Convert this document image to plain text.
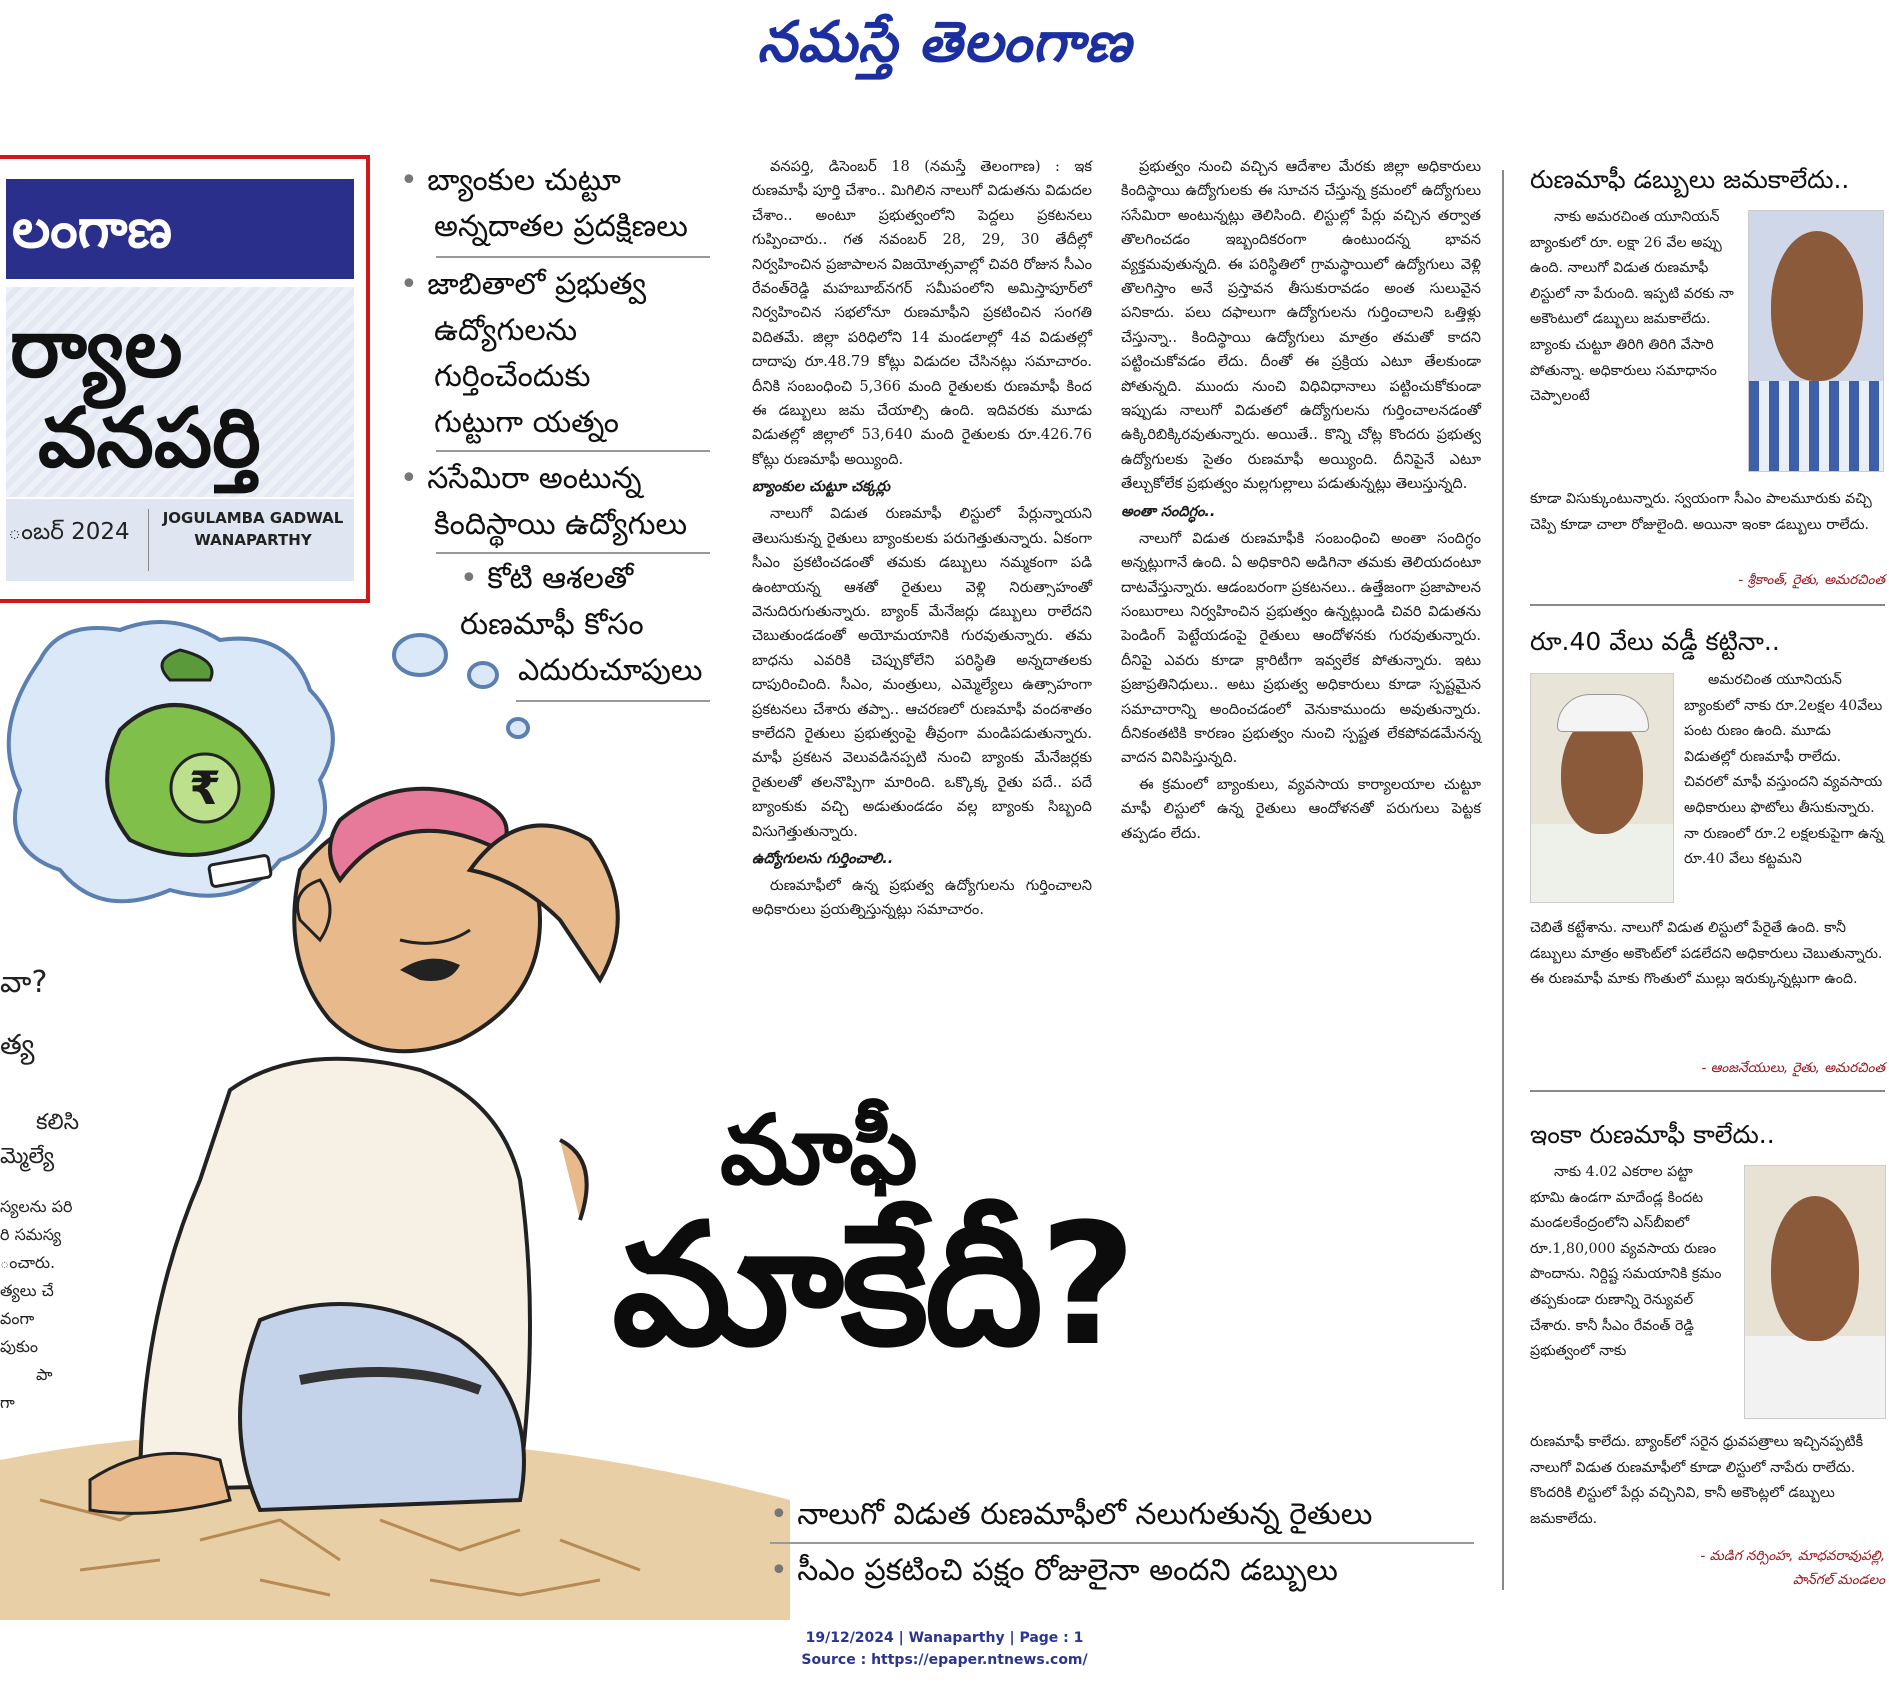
నమస్తే తెలంగాణ
లంగాణ
ర్యాల
వనపర్తి
ంబర్ 2024
JOGULAMBA GADWAL
WANAPARTHY
• బ్యాంకుల చుట్టూ
అన్నదాతల ప్రదక్షిణలు
• జాబితాలో ప్రభుత్వ
ఉద్యోగులను
గుర్తించేందుకు
గుట్టుగా యత్నం
• ససేమిరా అంటున్న
కిందిస్థాయి ఉద్యోగులు
• కోటి ఆశలతో
రుణమాఫీ కోసం
ఎదురుచూపులు
వా?
త్య
కలిసి
మ్మెల్యే
స్యలను పరి
రి సమస్య
ంచారు.
త్యలు చే
వంగా
పుకుం
పా
గా
₹

వనపర్తి, డిసెంబర్ 18 (నమస్తే తెలంగాణ) : ఇక రుణమాఫీ పూర్తి చేశాం.. మిగిలిన నాలుగో విడుతను విడుదల చేశాం.. అంటూ ప్రభుత్వంలోని పెద్దలు ప్రకటనలు గుప్పించారు.. గత నవంబర్ 28, 29, 30 తేదీల్లో నిర్వహించిన ప్రజాపాలన విజయోత్సవాల్లో చివరి రోజున సీఎం రేవంత్‌రెడ్డి మహబూబ్‌నగర్ సమీపంలోని అమిస్తాపూర్‌లో నిర్వహించిన సభలోనూ రుణమాఫీని ప్రకటించిన సంగతి విదితమే. జిల్లా పరిధిలోని 14 మండలాల్లో 4వ విడుతల్లో దాదాపు రూ.48.79 కోట్లు విడుదల చేసినట్లు సమాచారం. దీనికి సంబంధించి 5,366 మంది రైతులకు రుణమాఫీ కింద ఈ డబ్బులు జమ చేయాల్సి ఉంది. ఇదివరకు మూడు విడుతల్లో జిల్లాలో 53,640 మంది రైతులకు రూ.426.76 కోట్లు రుణమాఫీ అయ్యింది.

బ్యాంకుల చుట్టూ చక్కర్లు

నాలుగో విడుత రుణమాఫీ లిస్టులో పేర్లున్నాయని తెలుసుకున్న రైతులు బ్యాంకులకు పరుగెత్తుతున్నారు. ఏకంగా సీఎం ప్రకటించడంతో తమకు డబ్బులు నమ్మకంగా పడి ఉంటాయన్న ఆశతో రైతులు వెళ్లి నిరుత్సాహంతో వెనుదిరుగుతున్నారు. బ్యాంక్ మేనేజర్లు డబ్బులు రాలేదని చెబుతుండడంతో అయోమయానికి గురవుతున్నారు. తమ బాధను ఎవరికి చెప్పుకోలేని పరిస్థితి అన్నదాతలకు దాపురించింది. సీఎం, మంత్రులు, ఎమ్మెల్యేలు ఉత్సాహంగా ప్రకటనలు చేశారు తప్పా.. ఆచరణలో రుణమాఫీ వందశాతం కాలేదని రైతులు ప్రభుత్వంపై తీవ్రంగా మండిపడుతున్నారు. మాఫీ ప్రకటన వెలువడినప్పటి నుంచి బ్యాంకు మేనేజర్లకు రైతులతో తలనొప్పిగా మారింది. ఒక్కొక్క రైతు పదే.. పదే బ్యాంకుకు వచ్చి అడుతుండడం వల్ల బ్యాంకు సిబ్బంది విసుగెత్తుతున్నారు.

ఉద్యోగులను గుర్తించాలి..

రుణమాఫీలో ఉన్న ప్రభుత్వ ఉద్యోగులను గుర్తించాలని అధికారులు ప్రయత్నిస్తున్నట్లు సమాచారం.

ప్రభుత్వం నుంచి వచ్చిన ఆదేశాల మేరకు జిల్లా అధికారులు కిందిస్థాయి ఉద్యోగులకు ఈ సూచన చేస్తున్న క్రమంలో ఉద్యోగులు ససేమిరా అంటున్నట్లు తెలిసింది. లిస్టుల్లో పేర్లు వచ్చిన తర్వాత తొలగించడం ఇబ్బందికరంగా ఉంటుందన్న భావన వ్యక్తమవుతున్నది. ఈ పరిస్థితిలో గ్రామస్థాయిలో ఉద్యోగులు వెళ్లి తొలగిస్తాం అనే ప్రస్తావన తీసుకురావడం అంత సులువైన పనికాదు. పలు దఫాలుగా ఉద్యోగులను గుర్తించాలని ఒత్తిళ్లు చేస్తున్నా.. కిందిస్థాయి ఉద్యోగులు మాత్రం తమతో కాదని పట్టించుకోవడం లేదు. దీంతో ఈ ప్రక్రియ ఎటూ తేలకుండా పోతున్నది. ముందు నుంచి విధివిధానాలు పట్టించుకోకుండా ఇప్పుడు నాలుగో విడుతలో ఉద్యోగులను గుర్తించాలనడంతో ఉక్కిరిబిక్కిరవుతున్నారు. అయితే.. కొన్ని చోట్ల కొందరు ప్రభుత్వ ఉద్యోగులకు సైతం రుణమాఫీ అయ్యింది. దీనిపైనే ఎటూ తేల్చుకోలేక ప్రభుత్వం మల్లగుల్లాలు పడుతున్నట్లు తెలుస్తున్నది.

అంతా సందిగ్ధం..

నాలుగో విడుత రుణమాఫీకి సంబంధించి అంతా సందిగ్ధం అన్నట్లుగానే ఉంది. ఏ అధికారిని అడిగినా తమకు తెలియదంటూ దాటవేస్తున్నారు. ఆడంబరంగా ప్రకటనలు.. ఉత్తేజంగా ప్రజాపాలన సంబురాలు నిర్వహించిన ప్రభుత్వం ఉన్నట్లుండి చివరి విడుతను పెండింగ్ పెట్టేయడంపై రైతులు ఆందోళనకు గురవుతున్నారు. దీనిపై ఎవరు కూడా క్లారిటీగా ఇవ్వలేక పోతున్నారు. ఇటు ప్రజాప్రతినిధులు.. అటు ప్రభుత్వ అధికారులు కూడా స్పష్టమైన సమాచారాన్ని అందించడంలో వెనుకాముందు అవుతున్నారు. దీనికంతటికి కారణం ప్రభుత్వం నుంచి స్పష్టత లేకపోవడమేనన్న వాదన వినిపిస్తున్నది.

ఈ క్రమంలో బ్యాంకులు, వ్యవసాయ కార్యాలయాల చుట్టూ మాఫీ లిస్టులో ఉన్న రైతులు ఆందోళనతో పరుగులు పెట్టక తప్పడం లేదు.

రుణమాఫీ డబ్బులు జమకాలేదు..
నాకు అమరచింత యూనియన్ బ్యాంకులో రూ. లక్షా 26 వేల అప్పు ఉంది. నాలుగో విడుత రుణమాఫీ లిస్టులో నా పేరుంది. ఇప్పటి వరకు నా అకౌంటులో డబ్బులు జమకాలేదు. బ్యాంకు చుట్టూ తిరిగి తిరిగి వేసారి పోతున్నా. అధికారులు సమాధానం చెప్పాలంటే
కూడా విసుక్కుంటున్నారు. స్వయంగా సీఎం పాలమూరుకు వచ్చి చెప్పి కూడా చాలా రోజులైంది. అయినా ఇంకా డబ్బులు రాలేదు.
- శ్రీకాంత్, రైతు, అమరచింత
రూ.40 వేలు వడ్డీ కట్టినా..
అమరచింత యూనియన్ బ్యాంకులో నాకు రూ.2లక్షల 40వేలు పంట రుణం ఉంది. మూడు విడుతల్లో రుణమాఫీ రాలేదు. చివరలో మాఫీ వస్తుందని వ్యవసాయ అధికారులు ఫొటోలు తీసుకున్నారు. నా రుణంలో రూ.2 లక్షలకుపైగా ఉన్న రూ.40 వేలు కట్టమని
చెబితే కట్టేశాను. నాలుగో విడుత లిస్టులో పేరైతే ఉంది. కానీ డబ్బులు మాత్రం అకౌంట్‌లో పడలేదని అధికారులు చెబుతున్నారు. ఈ రుణమాఫీ మాకు గొంతులో ముల్లు ఇరుక్కున్నట్లుగా ఉంది.
- ఆంజనేయులు, రైతు, అమరచింత
ఇంకా రుణమాఫీ కాలేదు..
నాకు 4.02 ఎకరాల పట్టా భూమి ఉండగా మాదేండ్ల కిందట మండలకేంద్రంలోని ఎస్‌బీఐలో రూ.1,80,000 వ్యవసాయ రుణం పొందాను. నిర్దిష్ట సమయానికి క్రమం తప్పకుండా రుణాన్ని రెన్యువల్ చేశారు. కానీ సీఎం రేవంత్ రెడ్డి ప్రభుత్వంలో నాకు
రుణమాఫీ కాలేదు. బ్యాంక్‌లో సరైన ధ్రువపత్రాలు ఇచ్చినప్పటికీ నాలుగో విడుత రుణమాఫీలో కూడా లిస్టులో నాపేరు రాలేదు. కొందరికి లిస్టులో పేర్లు వచ్చినివి, కానీ అకౌంట్లలో డబ్బులు జమకాలేదు.
- మడిగ నర్సింహ, మాధవరావుపల్లి,
పాన్‌గల్ మండలం
మాఫీ
మాకేదీ?
• నాలుగో విడుత రుణమాఫీలో నలుగుతున్న రైతులు
• సీఎం ప్రకటించి పక్షం రోజులైనా అందని డబ్బులు
19/12/2024 | Wanaparthy | Page : 1
Source : https://epaper.ntnews.com/
